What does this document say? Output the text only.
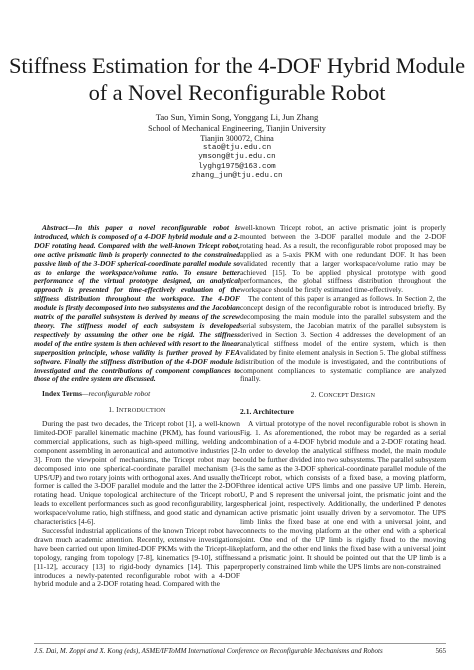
Stiffness Estimation for the 4-DOF Hybrid Module
of a Novel Reconfigurable Robot
Tao Sun, Yimin Song, Yonggang Li, Jun Zhang
School of Mechanical Engineering, Tianjin University
Tianjin 300072, China
stao@tju.edu.cn
ymsong@tju.edu.cn
lyghg1975@163.com
zhang_jun@tju.edu.cn

Abstract—In this paper a novel reconfigurable robot is introduced, which is composed of a 4-DOF hybrid module and a 2-DOF rotating head. Compared with the well-known Tricept robot, one active prismatic limb is properly connected to the constrained passive limb of the 3-DOF spherical-coordinate parallel module so as to enlarge the workspace/volume ratio. To ensure better performance of the virtual prototype designed, an analytical approach is presented for time-effectively evaluation of the stiffness distribution throughout the workspace. The 4-DOF module is firstly decomposed into two subsystems and the Jacobian matrix of the parallel subsystem is derived by means of the screw theory. The stiffness model of each subsystem is developed respectively by assuming the other one be rigid. The stiffness model of the entire system is then achieved with resort to the linear superposition principle, whose validity is further proved by FEA software. Finally the stiffness distribution of the 4-DOF module is investigated and the contributions of component compliances to those of the entire system are discussed.

Index Terms—reconfigurable robot

1. INTRODUCTION

During the past two decades, the Tricept robot [1], a well-known limited-DOF parallel kinematic machine (PKM), has found various commercial applications, such as high-speed milling, welding and component assembling in aeronautical and automotive industries [2-3]. From the viewpoint of mechanisms, the Tricept robot may be decomposed into one spherical-coordinate parallel mechanism (3-UPS/UP) and two rotary joints with orthogonal axes. And usually the former is called the 3-DOF parallel module and the latter the 2-DOF rotating head. Unique topological architecture of the Tricept robot leads to excellent performances such as good reconfigurability, large workspace/volume ratio, high stiffness, and good static and dynamic characteristics [4-6].

Successful industrial applications of the known Tricept robot have drawn much academic attention. Recently, extensive investigations have been carried out upon limited-DOF PKMs with the Tricept-like topology, ranging from topology [7-8], kinematics [9-10], stiffness [11-12], accuracy [13] to rigid-body dynamics [14]. This paper introduces a newly-patented reconfigurable robot with a 4-DOF hybrid module and a 2-DOF rotating head. Compared with the

well-known Tricept robot, an active prismatic joint is properly mounted between the 3-DOF parallel module and the 2-DOF rotating head. As a result, the reconfigurable robot proposed may be applied as a 5-axis PKM with one redundant DOF. It has been validated recently that a larger workspace/volume ratio may be achieved [15]. To be applied physical prototype with good performances, the global stiffness distribution throughout the workspace should be firstly estimated time-effectively.

The content of this paper is arranged as follows. In Section 2, the concept design of the reconfigurable robot is introduced briefly. By decomposing the main module into the parallel subsystem and the serial subsystem, the Jacobian matrix of the parallel subsystem is derived in Section 3. Section 4 addresses the development of an analytical stiffness model of the entire system, which is then validated by finite element analysis in Section 5. The global stiffness distribution of the module is investigated, and the contributions of component compliances to systematic compliance are analyzed finally.

2. CONCEPT DESIGN
2.1. Architecture

A virtual prototype of the novel reconfigurable robot is shown in Fig. 1. As aforementioned, the robot may be regarded as a serial combination of a 4-DOF hybrid module and a 2-DOF rotating head. In order to develop the analytical stiffness model, the main module could be further divided into two subsystems. The parallel subsystem is the same as the 3-DOF spherical-coordinate parallel module of the Tricept robot, which consists of a fixed base, a moving platform, three identical active UPS limbs and one passive UP limb. Herein, U, P and S represent the universal joint, the prismatic joint and the spherical joint, respectively. Additionally, the underlined P denotes an active prismatic joint usually driven by a servomotor. The UPS limb links the fixed base at one end with a universal joint, and connects to the moving platform at the other end with a spherical joint. One end of the UP limb is rigidly fixed to the moving platform, and the other end links the fixed base with a universal joint and a prismatic joint. It should be pointed out that the UP limb is a properly constrained limb while the UPS limbs are non-constrained

J.S. Dai, M. Zoppi and X. Kong (eds), ASME/IFToMM International Conference on Reconfigurable Mechanisms and Robots	565
